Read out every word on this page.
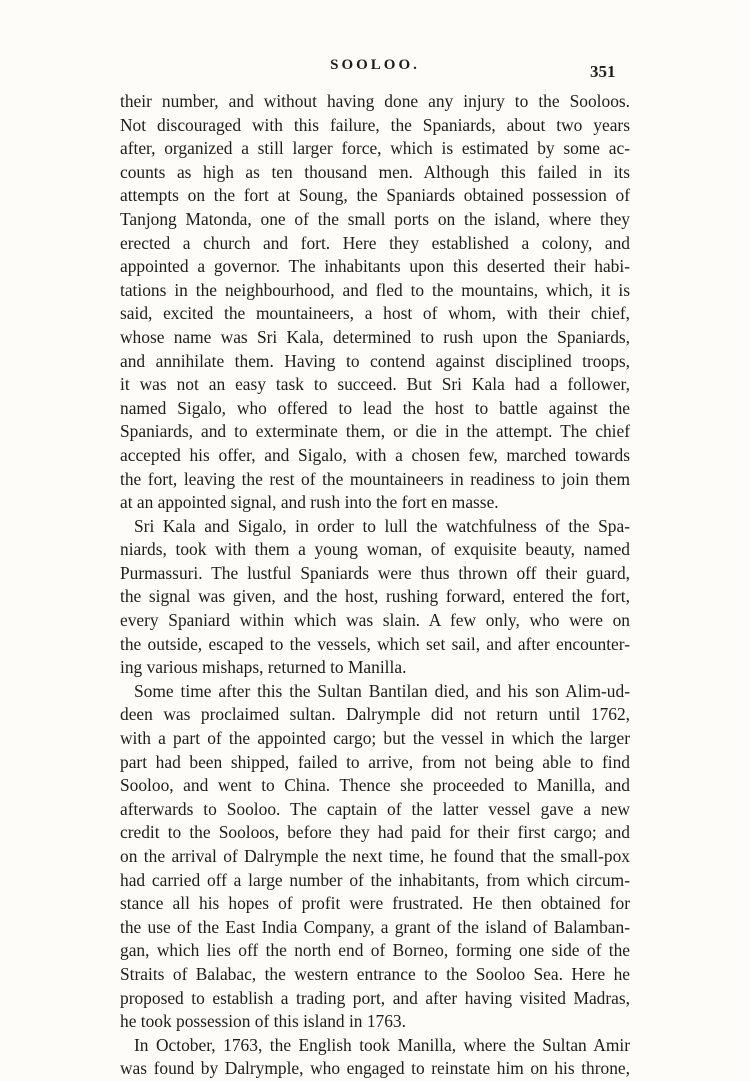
SOOLOO.	351
their number, and without having done any injury to the Sooloos.
Not discouraged with this failure, the Spaniards, about two years
after, organized a still larger force, which is estimated by some ac-
counts as high as ten thousand men. Although this failed in its
attempts on the fort at Soung, the Spaniards obtained possession of
Tanjong Matonda, one of the small ports on the island, where they
erected a church and fort. Here they established a colony, and
appointed a governor. The inhabitants upon this deserted their habi-
tations in the neighbourhood, and fled to the mountains, which, it is
said, excited the mountaineers, a host of whom, with their chief,
whose name was Sri Kala, determined to rush upon the Spaniards,
and annihilate them. Having to contend against disciplined troops,
it was not an easy task to succeed. But Sri Kala had a follower,
named Sigalo, who offered to lead the host to battle against the
Spaniards, and to exterminate them, or die in the attempt. The chief
accepted his offer, and Sigalo, with a chosen few, marched towards
the fort, leaving the rest of the mountaineers in readiness to join them
at an appointed signal, and rush into the fort en masse.
Sri Kala and Sigalo, in order to lull the watchfulness of the Spa-
niards, took with them a young woman, of exquisite beauty, named
Purmassuri. The lustful Spaniards were thus thrown off their guard,
the signal was given, and the host, rushing forward, entered the fort,
every Spaniard within which was slain. A few only, who were on
the outside, escaped to the vessels, which set sail, and after encounter-
ing various mishaps, returned to Manilla.
Some time after this the Sultan Bantilan died, and his son Alim-ud-
deen was proclaimed sultan. Dalrymple did not return until 1762,
with a part of the appointed cargo; but the vessel in which the larger
part had been shipped, failed to arrive, from not being able to find
Sooloo, and went to China. Thence she proceeded to Manilla, and
afterwards to Sooloo. The captain of the latter vessel gave a new
credit to the Sooloos, before they had paid for their first cargo; and
on the arrival of Dalrymple the next time, he found that the small-pox
had carried off a large number of the inhabitants, from which circum-
stance all his hopes of profit were frustrated. He then obtained for
the use of the East India Company, a grant of the island of Balamban-
gan, which lies off the north end of Borneo, forming one side of the
Straits of Balabac, the western entrance to the Sooloo Sea. Here he
proposed to establish a trading port, and after having visited Madras,
he took possession of this island in 1763.
In October, 1763, the English took Manilla, where the Sultan Amir
was found by Dalrymple, who engaged to reinstate him on his throne,
